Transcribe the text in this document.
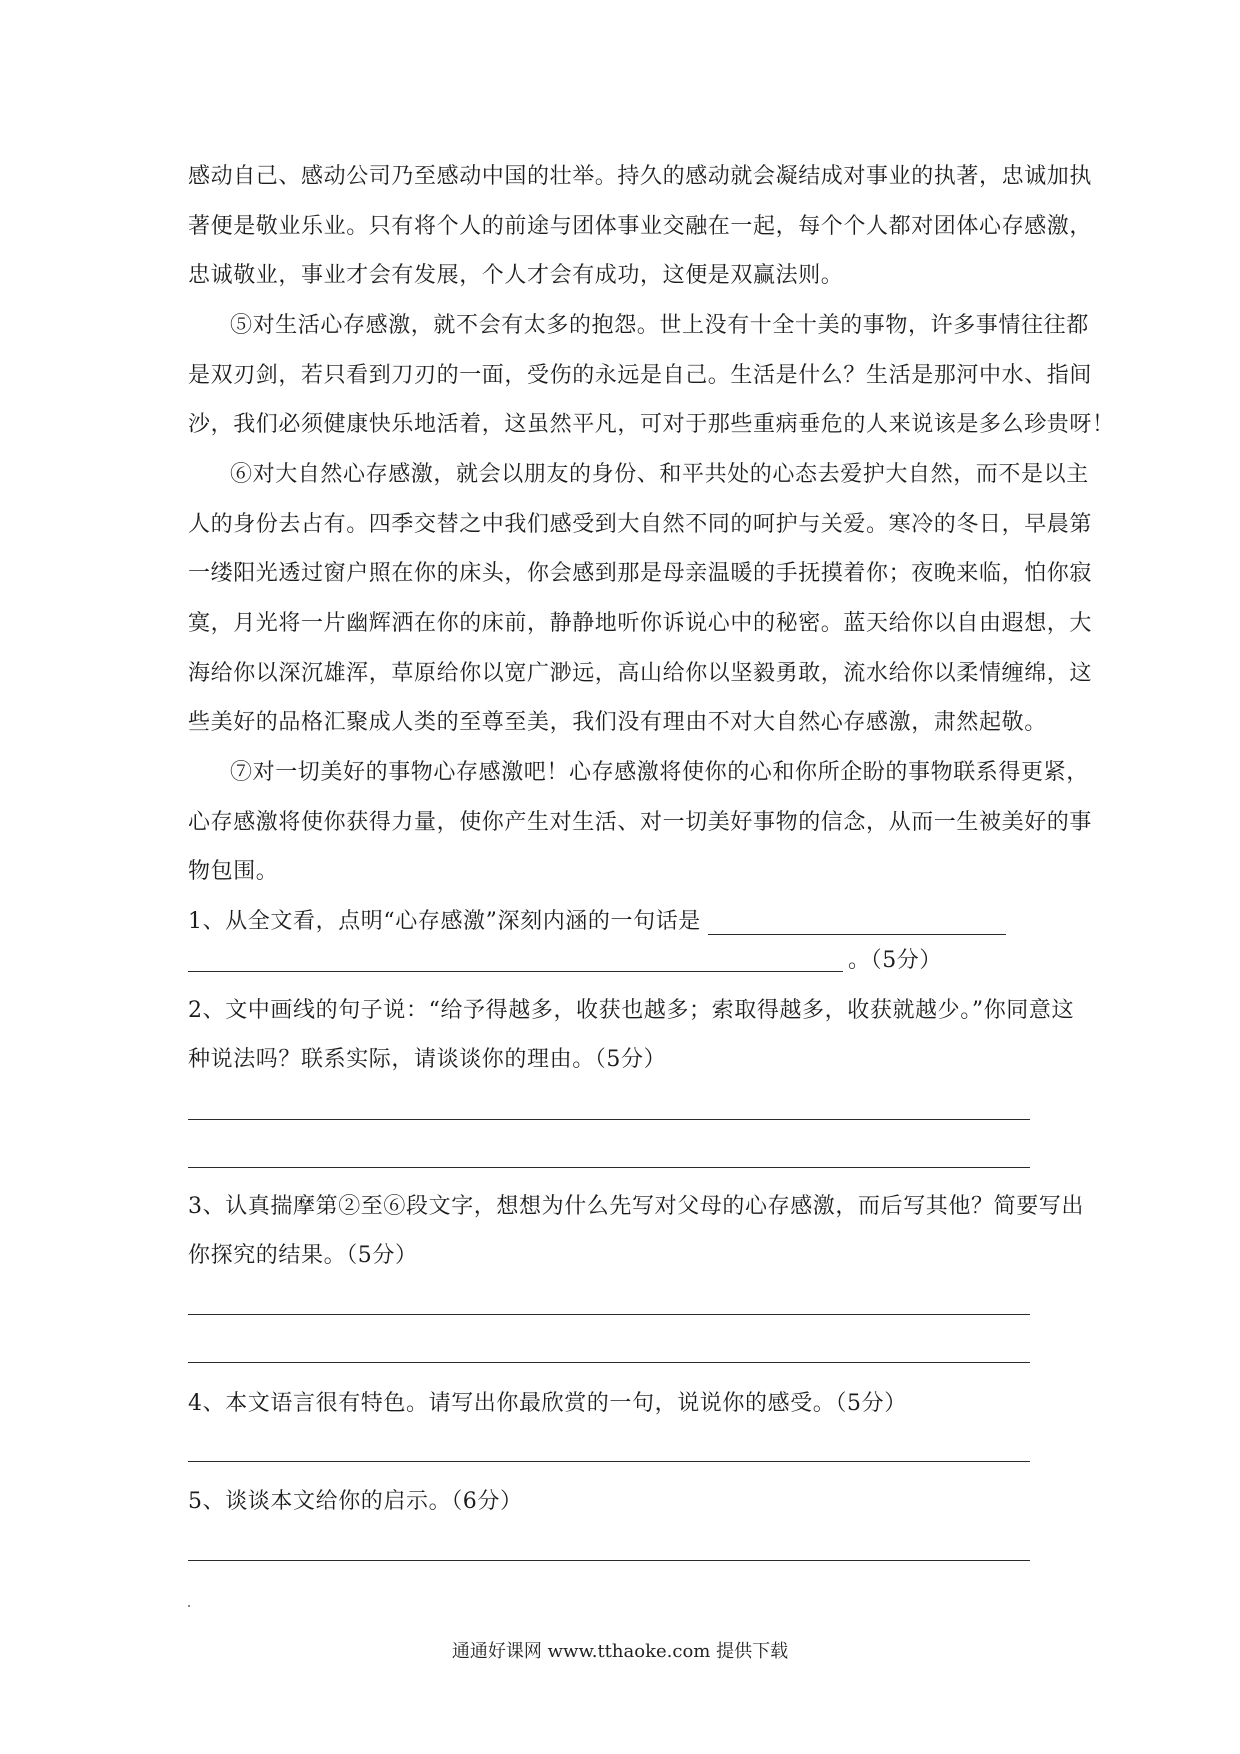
感动自己、感动公司乃至感动中国的壮举。持久的感动就会凝结成对事业的执著，忠诚加执
著便是敬业乐业。只有将个人的前途与团体事业交融在一起，每个个人都对团体心存感激，
忠诚敬业，事业才会有发展，个人才会有成功，这便是双赢法则。
⑤对生活心存感激，就不会有太多的抱怨。世上没有十全十美的事物，许多事情往往都
是双刃剑，若只看到刀刃的一面，受伤的永远是自己。生活是什么？生活是那河中水、指间
沙，我们必须健康快乐地活着，这虽然平凡，可对于那些重病垂危的人来说该是多么珍贵呀！
⑥对大自然心存感激，就会以朋友的身份、和平共处的心态去爱护大自然，而不是以主
人的身份去占有。四季交替之中我们感受到大自然不同的呵护与关爱。寒冷的冬日，早晨第
一缕阳光透过窗户照在你的床头，你会感到那是母亲温暖的手抚摸着你；夜晚来临，怕你寂
寞，月光将一片幽辉洒在你的床前，静静地听你诉说心中的秘密。蓝天给你以自由遐想，大
海给你以深沉雄浑，草原给你以宽广渺远，高山给你以坚毅勇敢，流水给你以柔情缠绵，这
些美好的品格汇聚成人类的至尊至美，我们没有理由不对大自然心存感激，肃然起敬。
⑦对一切美好的事物心存感激吧！心存感激将使你的心和你所企盼的事物联系得更紧，
心存感激将使你获得力量，使你产生对生活、对一切美好事物的信念，从而一生被美好的事
物包围。
1、从全文看，点明“心存感激”深刻内涵的一句话是
。（5分）
2、文中画线的句子说：“给予得越多，收获也越多；索取得越多，收获就越少。”你同意这
种说法吗？联系实际，请谈谈你的理由。（5分）
3、认真揣摩第②至⑥段文字，想想为什么先写对父母的心存感激，而后写其他？简要写出
你探究的结果。（5分）
4、本文语言很有特色。请写出你最欣赏的一句，说说你的感受。（5分）
5、谈谈本文给你的启示。（6分）
通通好课网 www.tthaoke.com 提供下载
